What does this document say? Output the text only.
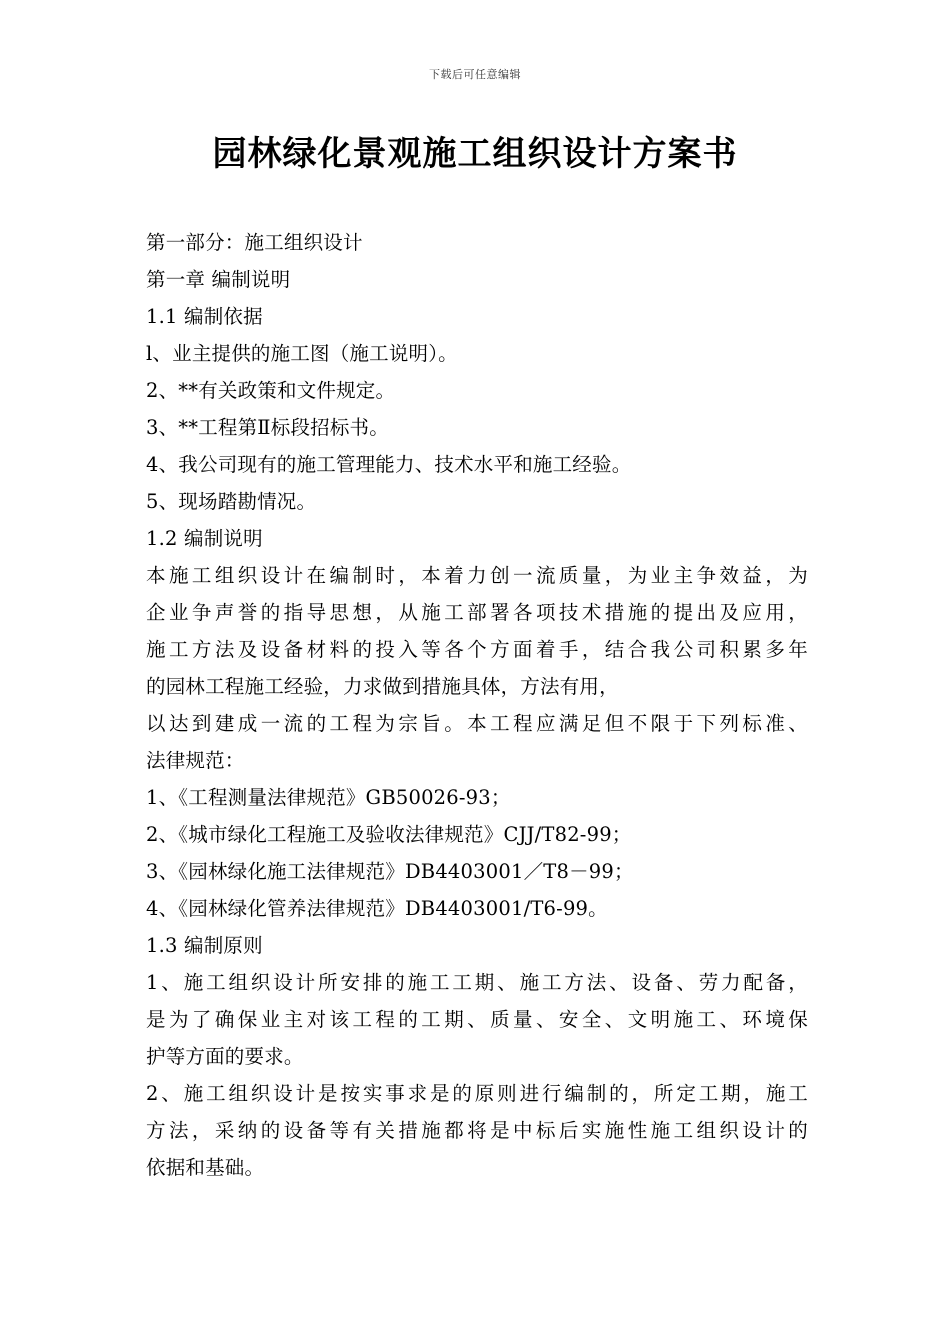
下载后可任意编辑
园林绿化景观施工组织设计方案书
第一部分：施工组织设计
第一章 编制说明
1.1 编制依据
l、业主提供的施工图（施工说明）。
2、**有关政策和文件规定。
3、**工程第Ⅱ标段招标书。
4、我公司现有的施工管理能力、技术水平和施工经验。
5、现场踏勘情况。
1.2 编制说明
本施工组织设计在编制时，本着力创一流质量，为业主争效益，为
企业争声誉的指导思想，从施工部署各项技术措施的提出及应用，
施工方法及设备材料的投入等各个方面着手，结合我公司积累多年
的园林工程施工经验，力求做到措施具体，方法有用，
以达到建成一流的工程为宗旨。本工程应满足但不限于下列标准、
法律规范：
1、《工程测量法律规范》GB50026-93；
2、《城市绿化工程施工及验收法律规范》CJJ/T82-99；
3、《园林绿化施工法律规范》DB4403001／T8－99；
4、《园林绿化管养法律规范》DB4403001/T6-99。
1.3 编制原则
1、施工组织设计所安排的施工工期、施工方法、设备、劳力配备，
是为了确保业主对该工程的工期、质量、安全、文明施工、环境保
护等方面的要求。
2、施工组织设计是按实事求是的原则进行编制的，所定工期，施工
方法，采纳的设备等有关措施都将是中标后实施性施工组织设计的
依据和基础。
